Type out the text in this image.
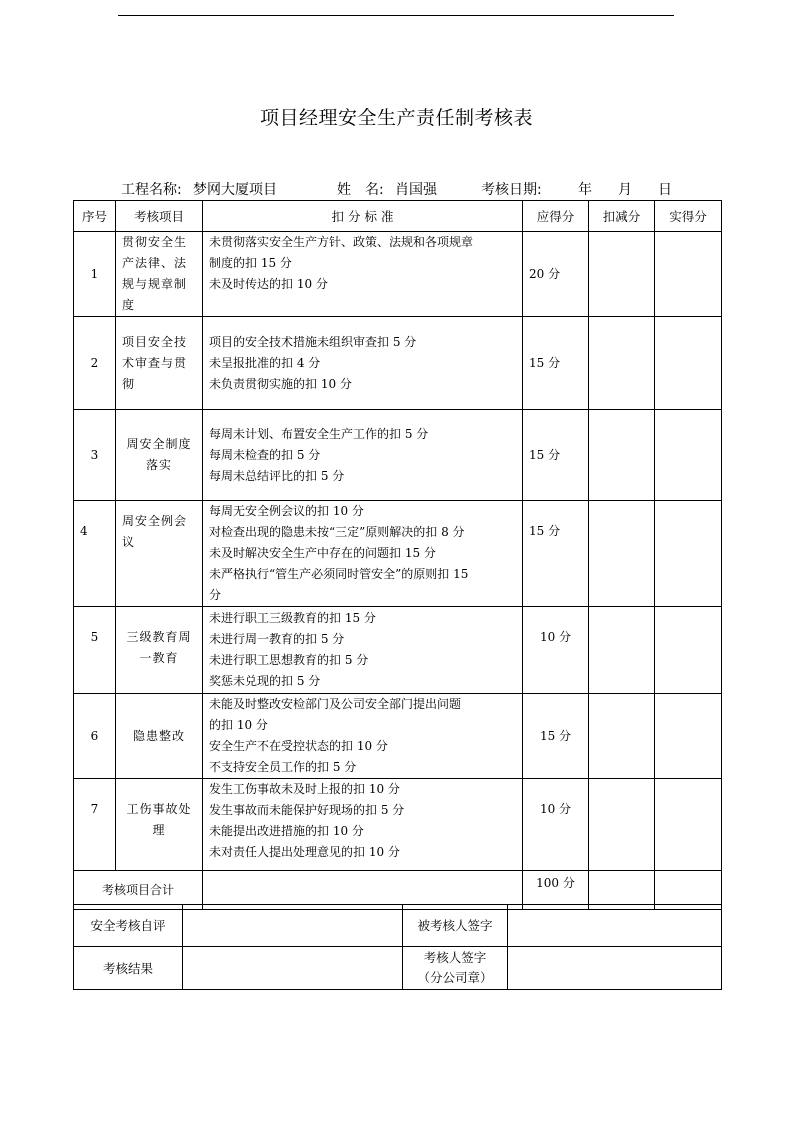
项目经理安全生产责任制考核表
工程名称: 梦网大厦项目	姓　名: 肖国强	考核日期:	年 月 日
序号	考核项目	扣 分 标 准	应得分	扣减分	实得分
1	贯彻安全生产法律、法规与规章制度	未贯彻落实安全生产方针、政策、法规和各项规章
制度的扣 15 分
未及时传达的扣 10 分	20 分		
2	项目安全技术审查与贯彻	项目的安全技术措施未组织审查扣 5 分
未呈报批准的扣 4 分
未负责贯彻实施的扣 10 分	15 分		
3	周安全制度落实	每周未计划、布置安全生产工作的扣 5 分
每周未检查的扣 5 分
每周未总结评比的扣 5 分	15 分		
4	周安全例会议	每周无安全例会议的扣 10 分
对检查出现的隐患未按“三定”原则解决的扣 8 分
未及时解决安全生产中存在的问题扣 15 分
未严格执行“管生产必须同时管安全”的原则扣 15
分	15 分		
5	三级教育周一教育	未进行职工三级教育的扣 15 分
未进行周一教育的扣 5 分
未进行职工思想教育的扣 5 分
奖惩未兑现的扣 5 分	10 分		
6	隐患整改	未能及时整改安检部门及公司安全部门提出问题
的扣 10 分
安全生产不在受控状态的扣 10 分
不支持安全员工作的扣 5 分	15 分		
7	工伤事故处理	发生工伤事故未及时上报的扣 10 分
发生事故而未能保护好现场的扣 5 分
未能提出改进措施的扣 10 分
未对责任人提出处理意见的扣 10 分	10 分		
考核项目合计			100 分		
安全考核自评		被考核人签字	
考核结果		考核人签字
（分公司章）	
